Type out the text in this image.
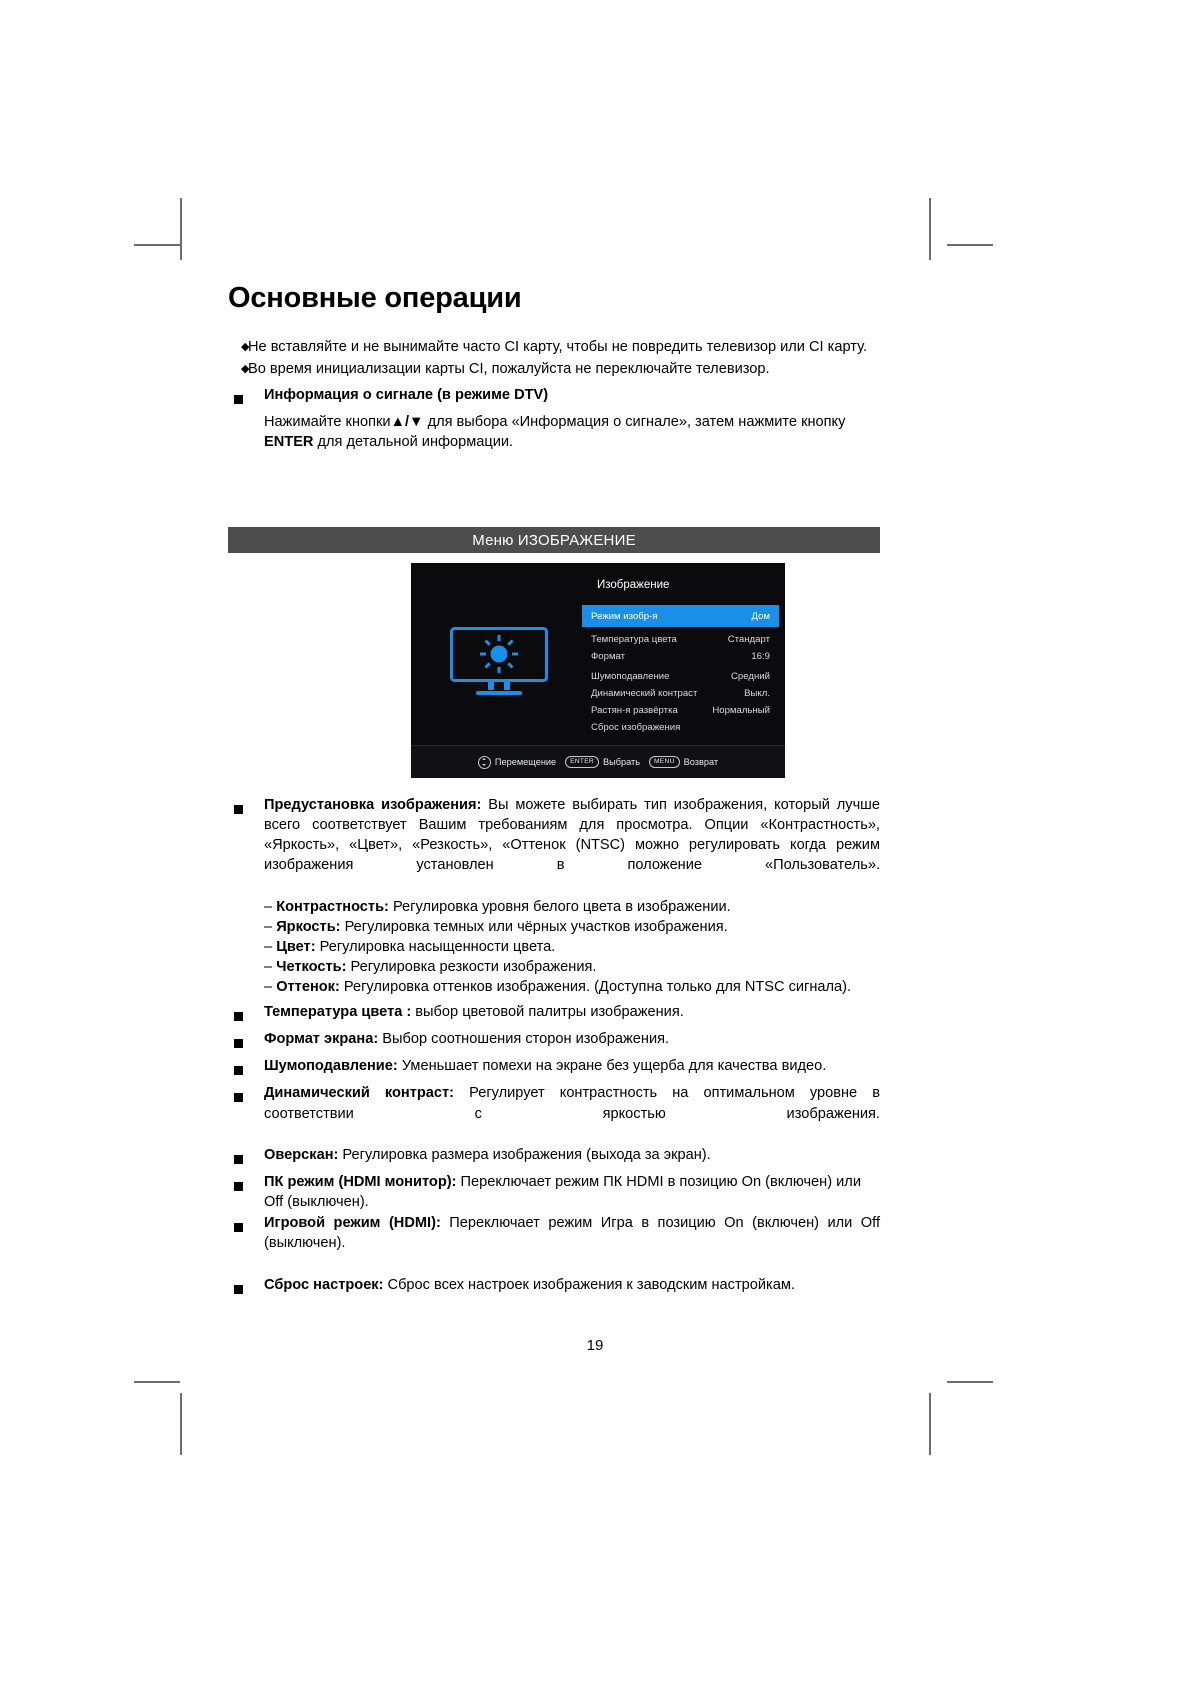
Основные операции
◆
Не вставляйте и не вынимайте часто CI карту, чтобы не повредить телевизор или CI карту.
◆
Во время инициализации карты CI, пожалуйста не переключайте телевизор.
Информация о сигнале (в режиме DTV)
Нажимайте кнопки▲/▼ для выбора «Информация о сигнале», затем нажмите кнопку
ENTER для детальной информации.
Меню ИЗОБРАЖЕНИЕ
Изображение
Режим изобр-я	Дом
Температура цвета	Стандарт
Формат	16:9
Шумоподавление	Средний
Динамический контраст	Выкл.
Растян-я развёртка	Нормальный
Сброс изображения
Перемещение	ENTER Выбрать	MENU Возврат
Предустановка изображения: Вы можете выбирать тип изображения, который лучше всего соответствует Вашим требованиям для просмотра. Опции «Контрастность», «Яркость», «Цвет», «Резкость», «Оттенок (NTSC) можно регулировать когда режим изображения установлен в положение «Пользователь».
– Контрастность: Регулировка уровня белого цвета в изображении.
– Яркость: Регулировка темных или чёрных участков изображения.
– Цвет: Регулировка насыщенности цвета.
– Четкость: Регулировка резкости изображения.
– Оттенок: Регулировка оттенков изображения. (Доступна только для NTSC сигнала).
Температура цвета : выбор цветовой палитры изображения.
Формат экрана: Выбор соотношения сторон изображения.
Шумоподавление: Уменьшает помехи на экране без ущерба для качества видео.
Динамический контраст: Регулирует контрастность на оптимальном уровне в соответствии с яркостью изображения.
Оверскан: Регулировка размера изображения (выхода за экран).
ПК режим (HDMI монитор): Переключает режим ПК HDMI в позицию On (включен) или Off (выключен).
Игровой режим (HDMI): Переключает режим Игра в позицию On (включен) или Off (выключен).
Сброс настроек: Сброс всех настроек изображения к заводским настройкам.
19
